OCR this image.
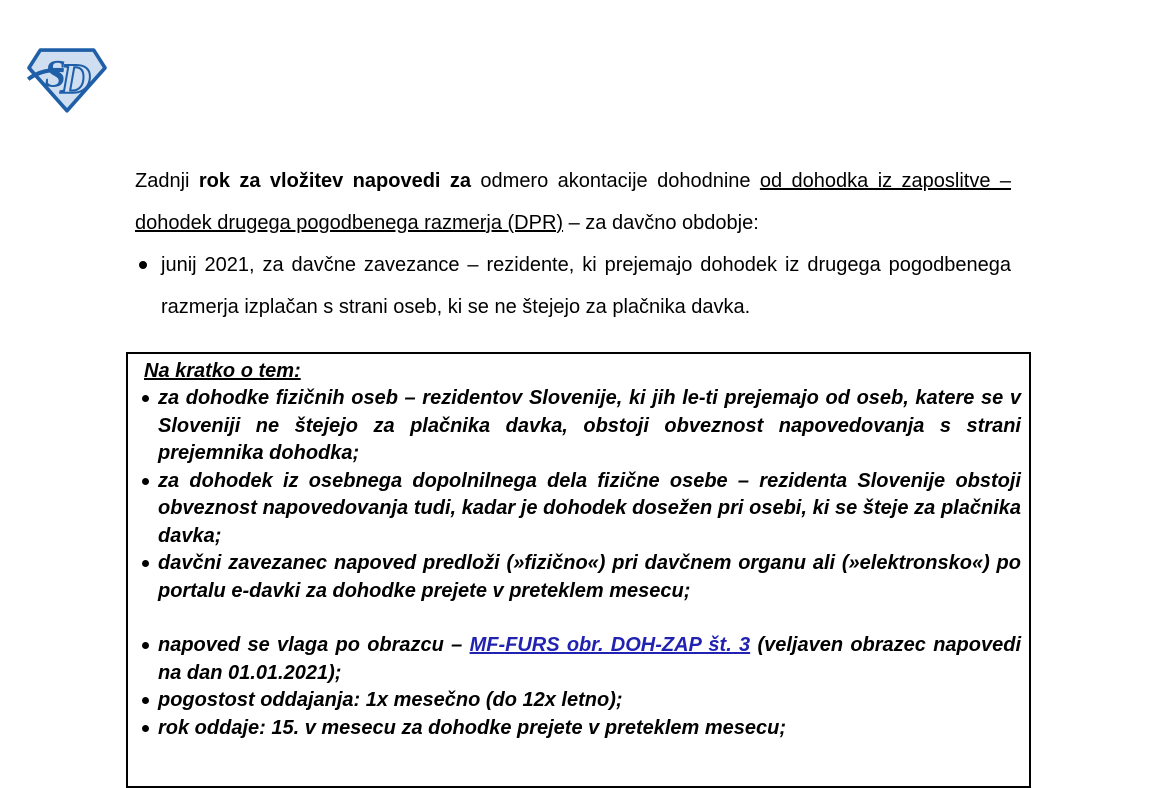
D
S

Zadnji rok za vložitev napovedi za odmero akontacije dohodnine od dohodka iz zaposlitve – dohodek drugega pogodbenega razmerja (DPR) – za davčno obdobje:

junij 2021, za davčne zavezance – rezidente, ki prejemajo dohodek iz drugega pogodbenega razmerja izplačan s strani oseb, ki se ne štejejo za plačnika davka.

Na kratko o tem:

za dohodke fizičnih oseb – rezidentov Slovenije, ki jih le-ti prejemajo od oseb, katere se v Sloveniji ne štejejo za plačnika davka, obstoji obveznost napovedovanja s strani prejemnika dohodka;
za dohodek iz osebnega dopolnilnega dela fizične osebe – rezidenta Slovenije obstoji obveznost napovedovanja tudi, kadar je dohodek dosežen pri osebi, ki se šteje za plačnika davka;
davčni zavezanec napoved predloži (»fizično«) pri davčnem organu ali (»elektronsko«) po portalu e-davki za dohodke prejete v preteklem mesecu;
napoved se vlaga po obrazcu – MF-FURS obr. DOH-ZAP št. 3 (veljaven obrazec napovedi na dan 01.01.2021);
pogostost oddajanja: 1x mesečno (do 12x letno);
rok oddaje: 15. v mesecu za dohodke prejete v preteklem mesecu;
